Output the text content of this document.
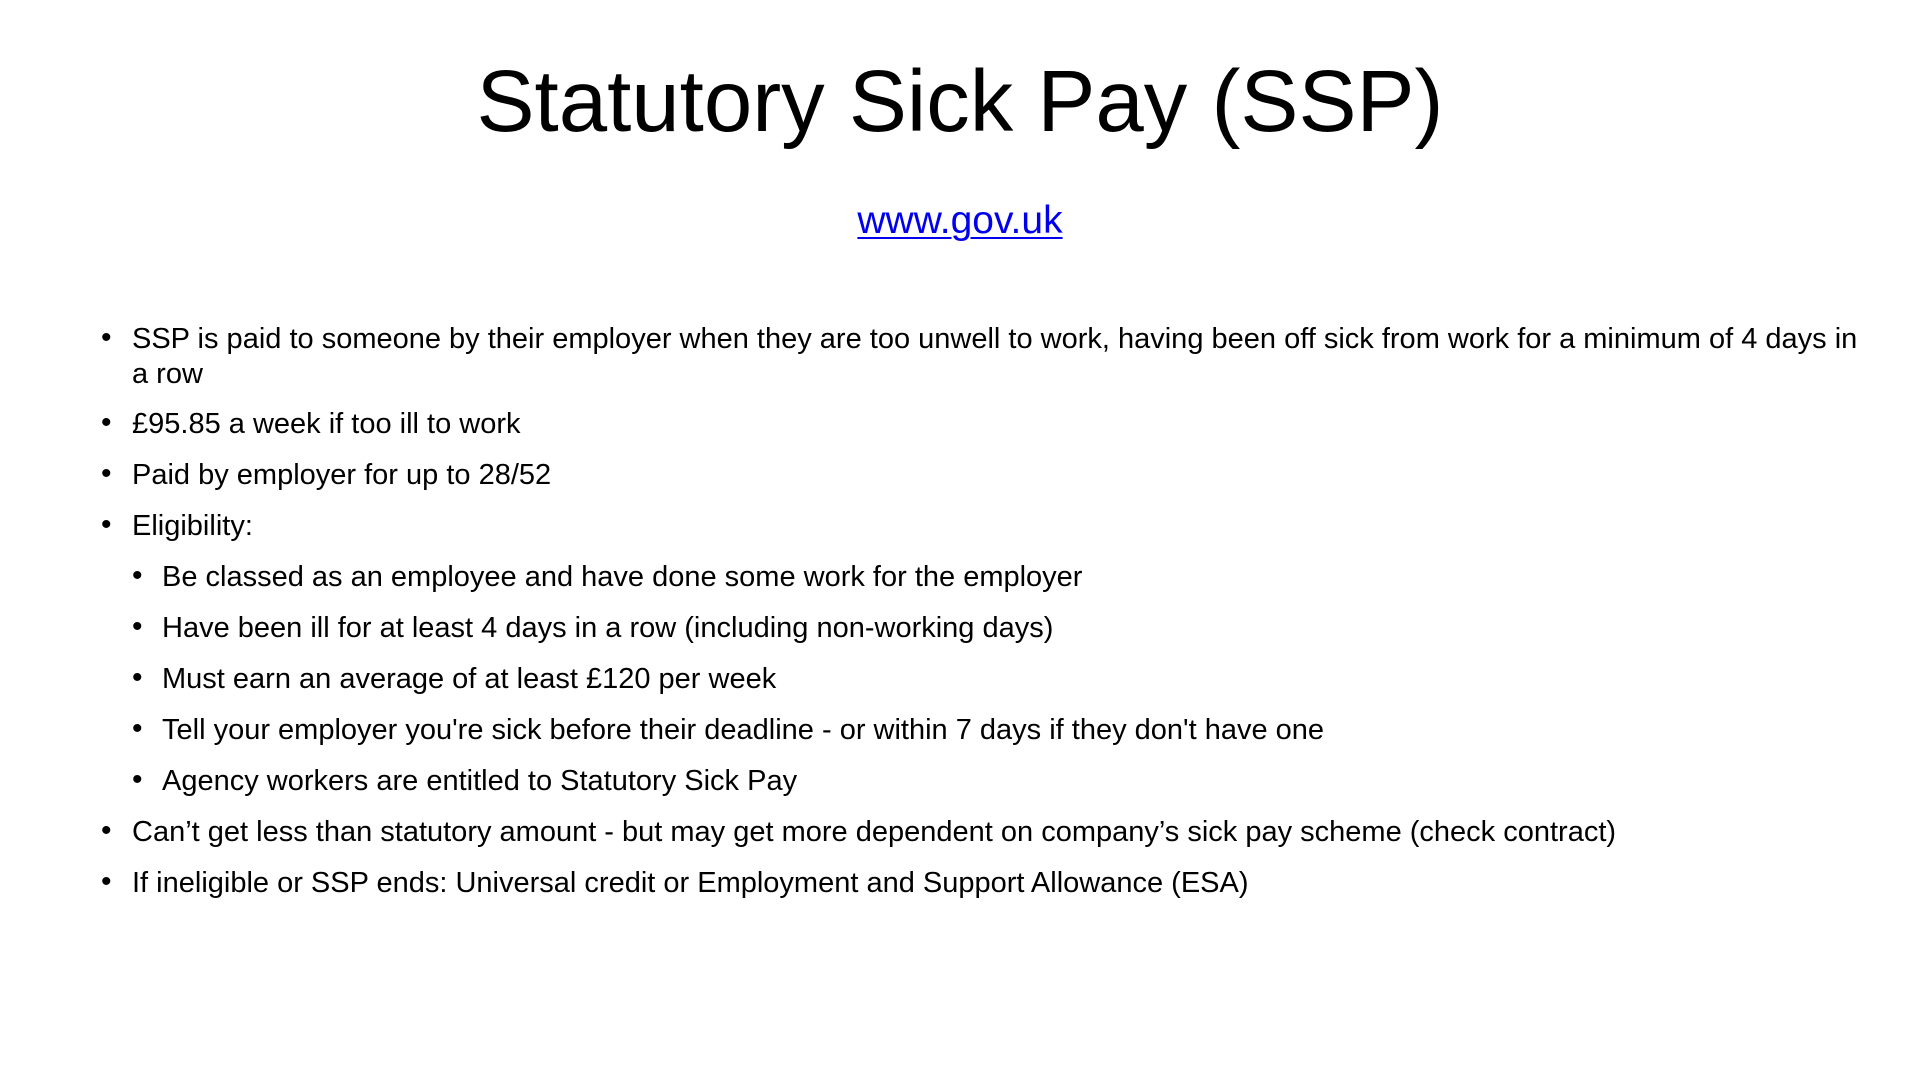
Statutory Sick Pay (SSP)
www.gov.uk
• SSP is paid to someone by their employer when they are too unwell to work, having been off sick from work for a minimum of 4 days in a row
• £95.85 a week if too ill to work
• Paid by employer for up to 28/52
• Eligibility:
• Be classed as an employee and have done some work for the employer
• Have been ill for at least 4 days in a row (including non-working days)
• Must earn an average of at least £120 per week
• Tell your employer you're sick before their deadline - or within 7 days if they don't have one
• Agency workers are entitled to Statutory Sick Pay
• Can’t get less than statutory amount - but may get more dependent on company’s sick pay scheme (check contract)
• If ineligible or SSP ends: Universal credit or Employment and Support Allowance (ESA)
